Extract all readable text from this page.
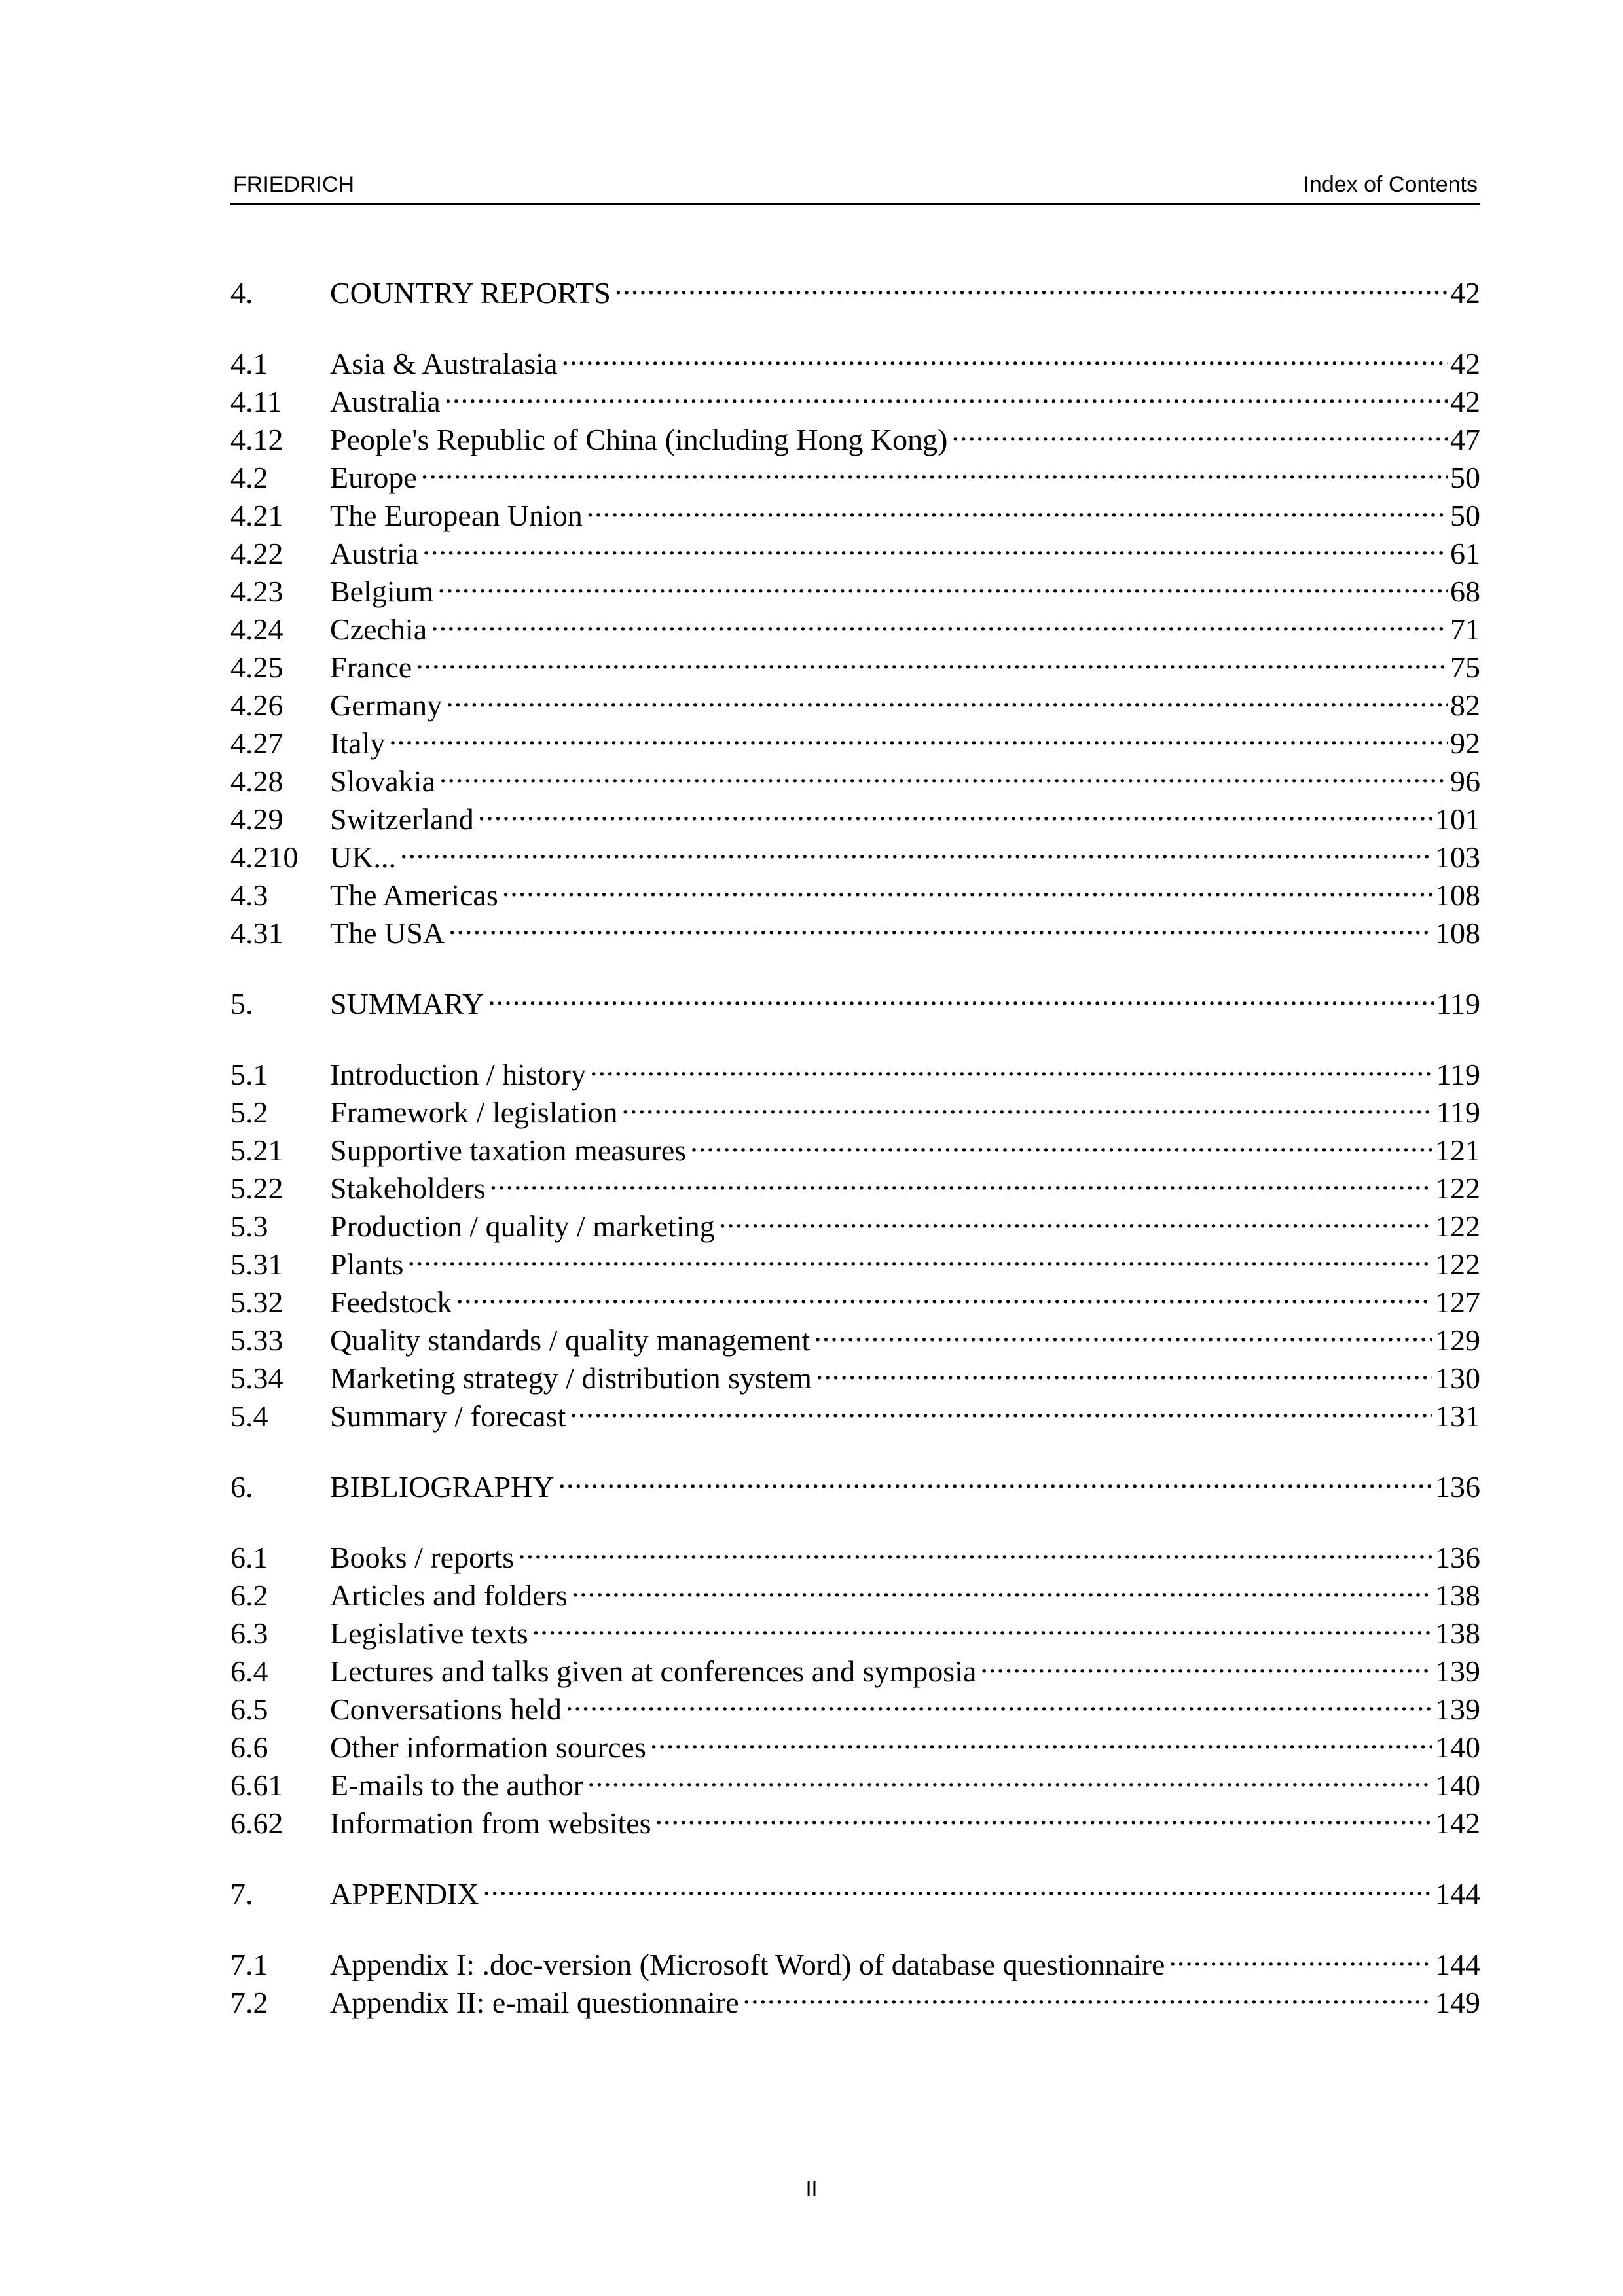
FRIEDRICH	Index of Contents
4.	COUNTRY REPORTS .....	42
4.1	Asia & Australasia .....	42
4.11	Australia .....	42
4.12	People's Republic of China (including Hong Kong) .....	47
4.2	Europe .....	50
4.21	The European Union .....	50
4.22	Austria .....	61
4.23	Belgium .....	68
4.24	Czechia .....	71
4.25	France .....	75
4.26	Germany .....	82
4.27	Italy .....	92
4.28	Slovakia .....	96
4.29	Switzerland .....	101
4.210	UK... .....	103
4.3	The Americas .....	108
4.31	The USA .....	108
5.	SUMMARY .....	119
5.1	Introduction / history .....	119
5.2	Framework / legislation .....	119
5.21	Supportive taxation measures .....	121
5.22	Stakeholders .....	122
5.3	Production / quality / marketing .....	122
5.31	Plants .....	122
5.32	Feedstock .....	127
5.33	Quality standards / quality management .....	129
5.34	Marketing strategy / distribution system .....	130
5.4	Summary / forecast .....	131
6.	BIBLIOGRAPHY .....	136
6.1	Books / reports .....	136
6.2	Articles and folders .....	138
6.3	Legislative texts .....	138
6.4	Lectures and talks given at conferences and symposia .....	139
6.5	Conversations held .....	139
6.6	Other information sources .....	140
6.61	E-mails to the author .....	140
6.62	Information from websites .....	142
7.	APPENDIX .....	144
7.1	Appendix I: .doc-version (Microsoft Word) of database questionnaire .....	144
7.2	Appendix II: e-mail questionnaire .....	149
II
